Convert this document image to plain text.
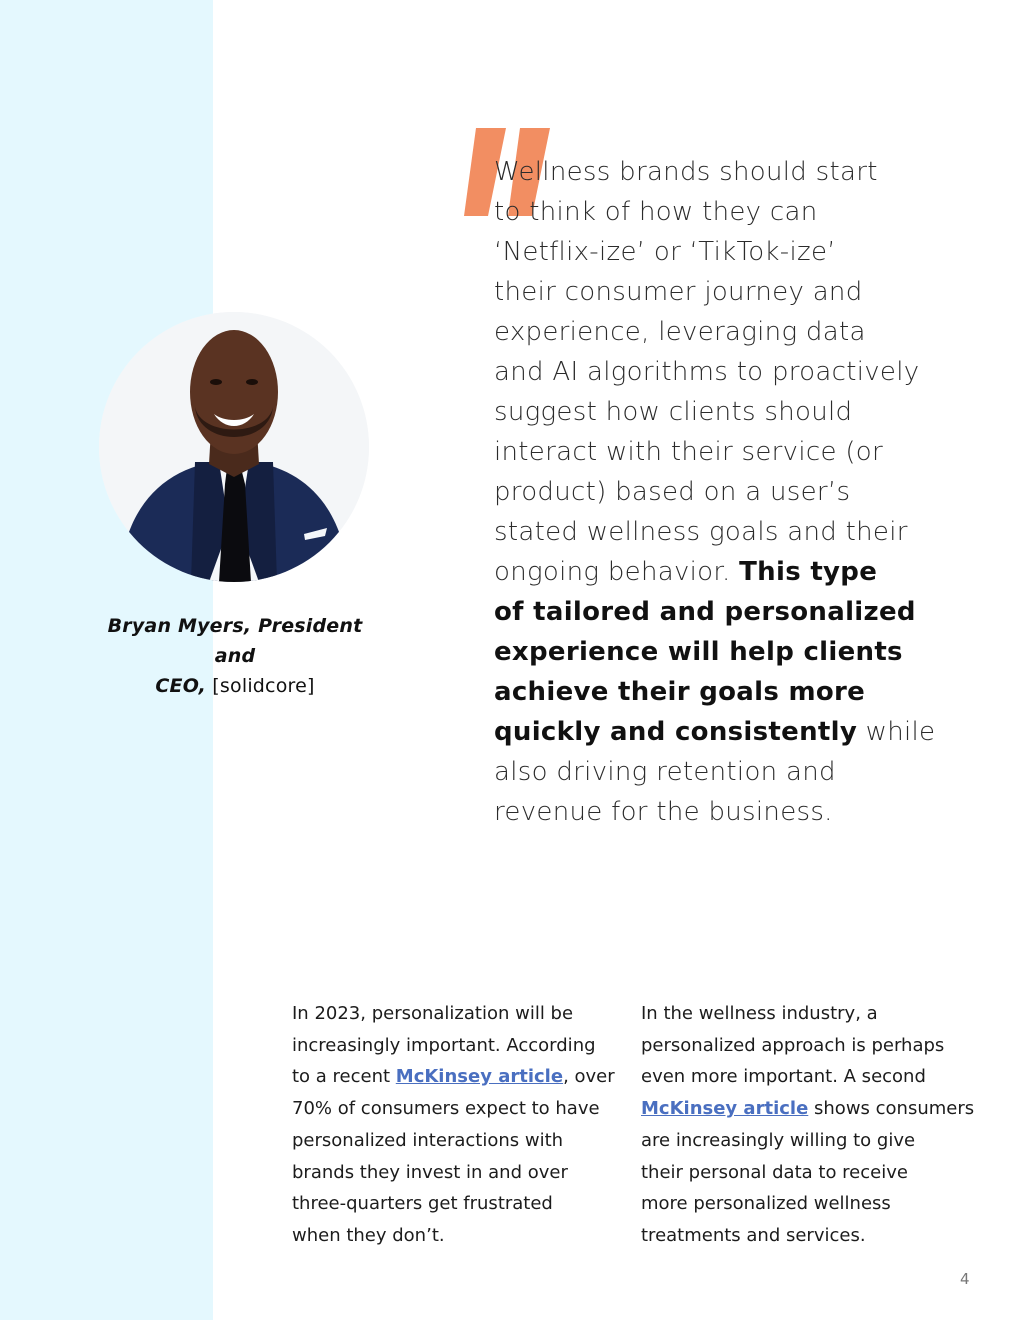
Bryan Myers, President and
CEO, [solidcore]

Wellness brands should start
to think of how they can
‘Netflix-ize’ or ‘TikTok-ize’
their consumer journey and
experience, leveraging data
and AI algorithms to proactively
suggest how clients should
interact with their service (or
product) based on a user’s
stated wellness goals and their
ongoing behavior. This type
of tailored and personalized
experience will help clients
achieve their goals more
quickly and consistently while
also driving retention and
revenue for the business.

In 2023, personalization will be
increasingly important. According
to a recent McKinsey article, over
70% of consumers expect to have
personalized interactions with
brands they invest in and over
three-quarters get frustrated
when they don’t.

In the wellness industry, a
personalized approach is perhaps
even more important. A second
McKinsey article shows consumers
are increasingly willing to give
their personal data to receive
more personalized wellness
treatments and services.

4
